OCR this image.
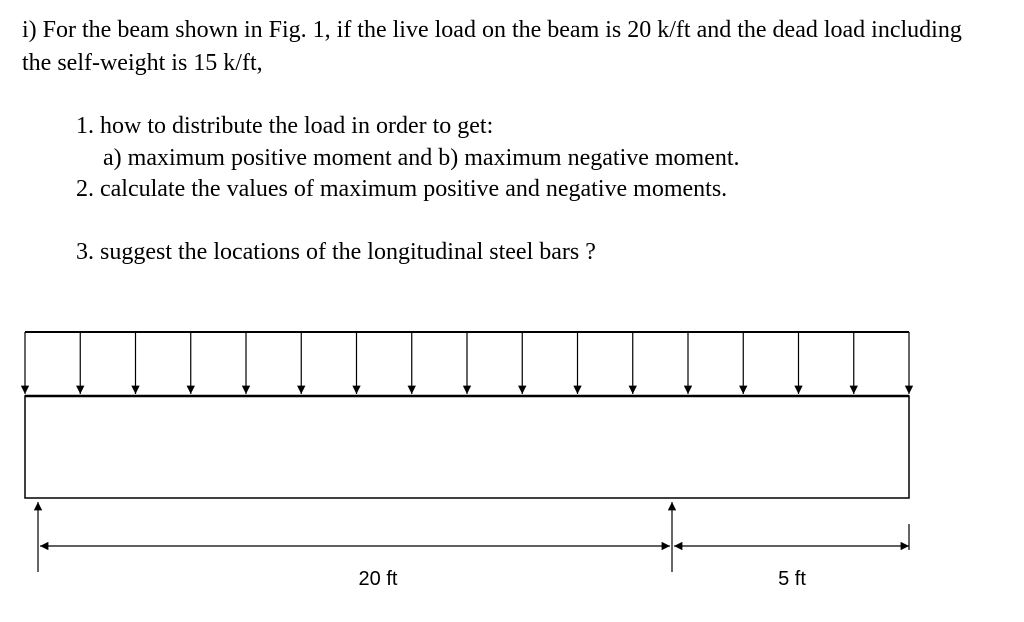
i) For the beam shown in Fig. 1, if the live load on the beam is 20 k/ft and the dead load including the self-weight is 15 k/ft,
1. how to distribute the load in order to get:
a) maximum positive moment and b) maximum negative moment.
2. calculate the values of maximum positive and negative moments.
3. suggest the locations of the longitudinal steel bars ?
20 ft	5 ft
